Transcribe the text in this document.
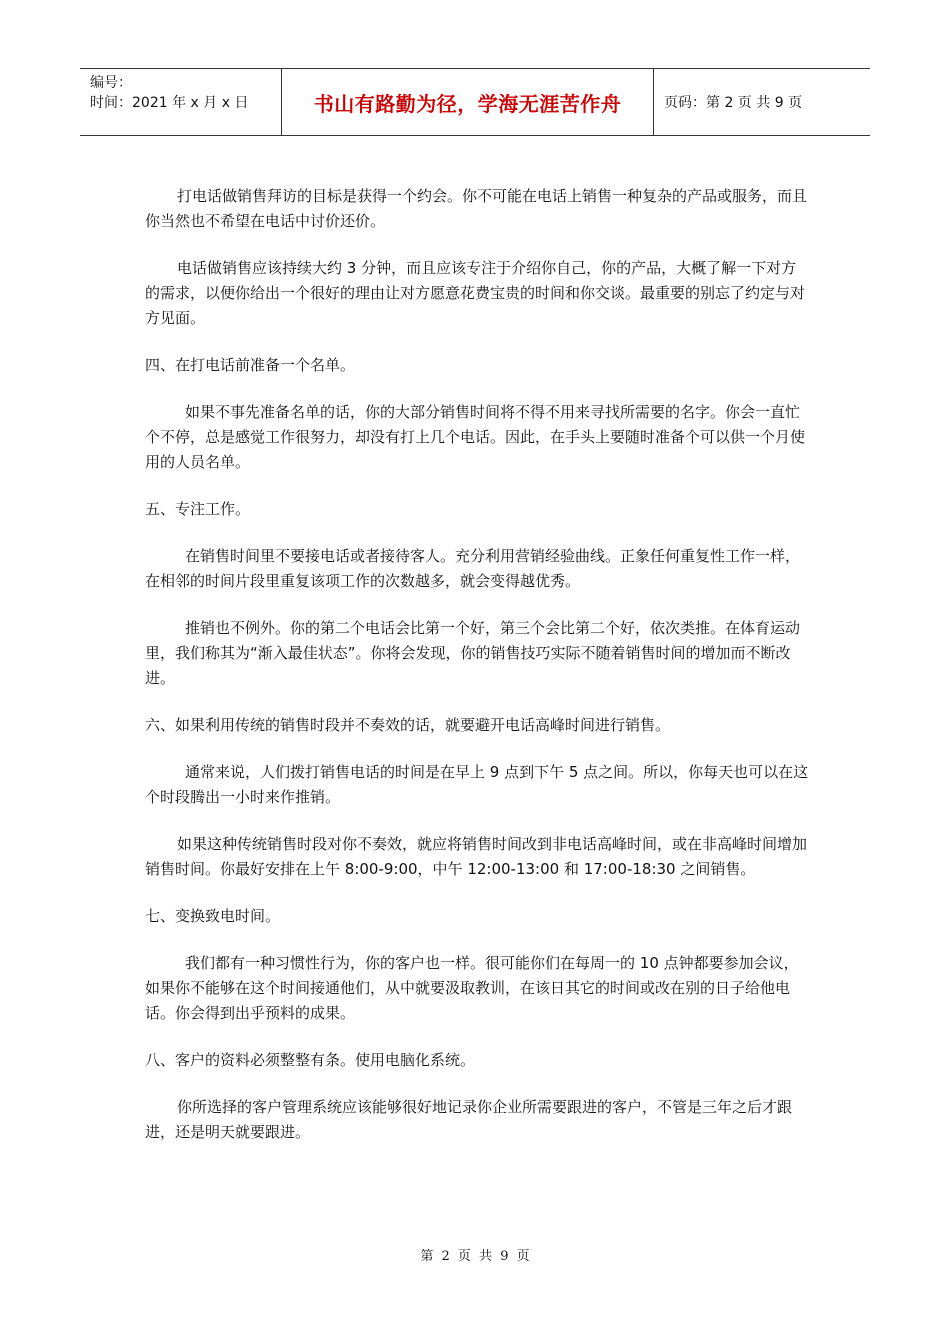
编号：
时间：2021 年 x 月 x 日	书山有路勤为径，学海无涯苦作舟	页码：第 2 页 共 9 页

打电话做销售拜访的目标是获得一个约会。你不可能在电话上销售一种复杂的产品或服务，而且你当然也不希望在电话中讨价还价。

电话做销售应该持续大约 3 分钟，而且应该专注于介绍你自己，你的产品，大概了解一下对方的需求，以便你给出一个很好的理由让对方愿意花费宝贵的时间和你交谈。最重要的别忘了约定与对方见面。

四、在打电话前准备一个名单。

如果不事先准备名单的话，你的大部分销售时间将不得不用来寻找所需要的名字。你会一直忙个不停，总是感觉工作很努力，却没有打上几个电话。因此，在手头上要随时准备个可以供一个月使用的人员名单。

五、专注工作。

在销售时间里不要接电话或者接待客人。充分利用营销经验曲线。正象任何重复性工作一样，在相邻的时间片段里重复该项工作的次数越多，就会变得越优秀。

推销也不例外。你的第二个电话会比第一个好，第三个会比第二个好，依次类推。在体育运动里，我们称其为“渐入最佳状态”。你将会发现，你的销售技巧实际不随着销售时间的增加而不断改进。

六、如果利用传统的销售时段并不奏效的话，就要避开电话高峰时间进行销售。

通常来说，人们拨打销售电话的时间是在早上 9 点到下午 5 点之间。所以，你每天也可以在这个时段腾出一小时来作推销。

如果这种传统销售时段对你不奏效，就应将销售时间改到非电话高峰时间，或在非高峰时间增加销售时间。你最好安排在上午 8:00-9:00，中午 12:00-13:00 和 17:00-18:30 之间销售。

七、变换致电时间。

我们都有一种习惯性行为，你的客户也一样。很可能你们在每周一的 10 点钟都要参加会议，如果你不能够在这个时间接通他们，从中就要汲取教训，在该日其它的时间或改在别的日子给他电话。你会得到出乎预料的成果。

八、客户的资料必须整整有条。使用电脑化系统。

你所选择的客户管理系统应该能够很好地记录你企业所需要跟进的客户，不管是三年之后才跟进，还是明天就要跟进。

第 2 页 共 9 页
